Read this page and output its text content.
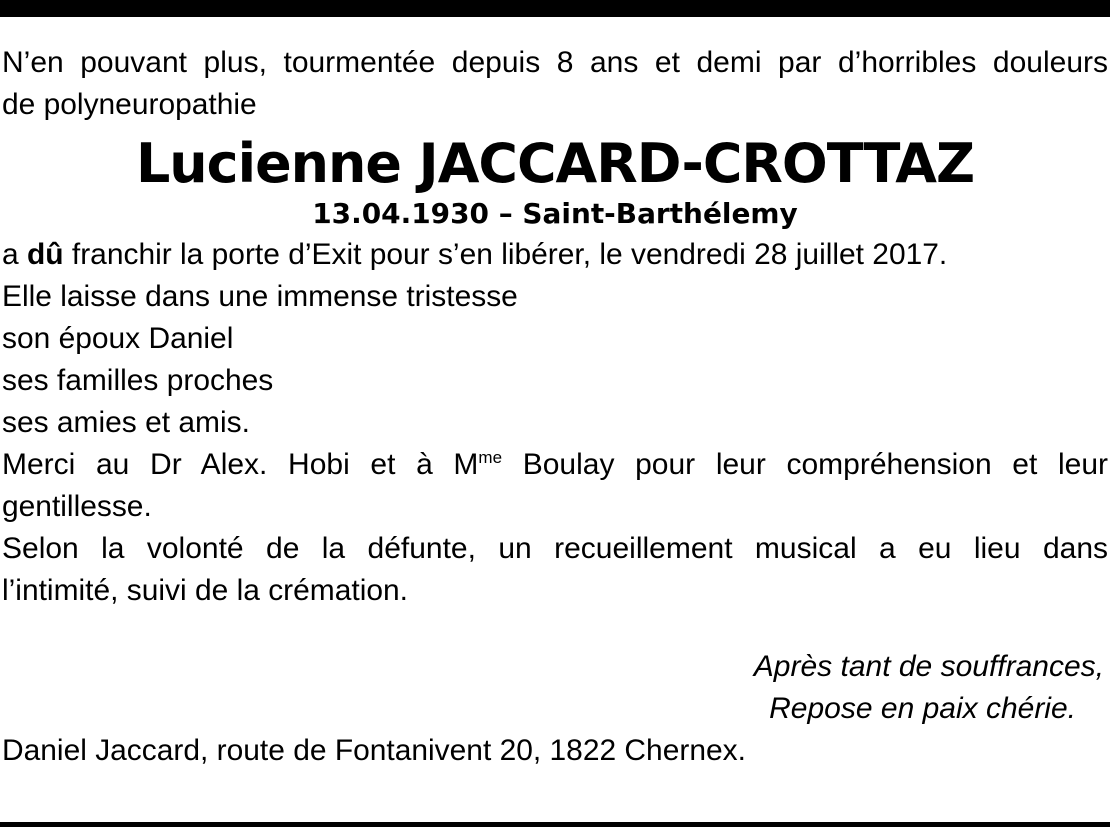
N’en pouvant plus, tourmentée depuis 8 ans et demi par d’horribles douleurs
de polyneuropathie
Lucienne JACCARD-CROTTAZ
13.04.1930 – Saint-Barthélemy
a dû franchir la porte d’Exit pour s’en libérer, le vendredi 28 juillet 2017.
Elle laisse dans une immense tristesse
son époux Daniel
ses familles proches
ses amies et amis.
Merci au Dr Alex. Hobi et à $M^{me}$ Boulay pour leur compréhension et leur
gentillesse.
Selon la volonté de la défunte, un recueillement musical a eu lieu dans
l’intimité, suivi de la crémation.
Après tant de souffrances,
Repose en paix chérie.
Daniel Jaccard, route de Fontanivent 20, 1822 Chernex.
